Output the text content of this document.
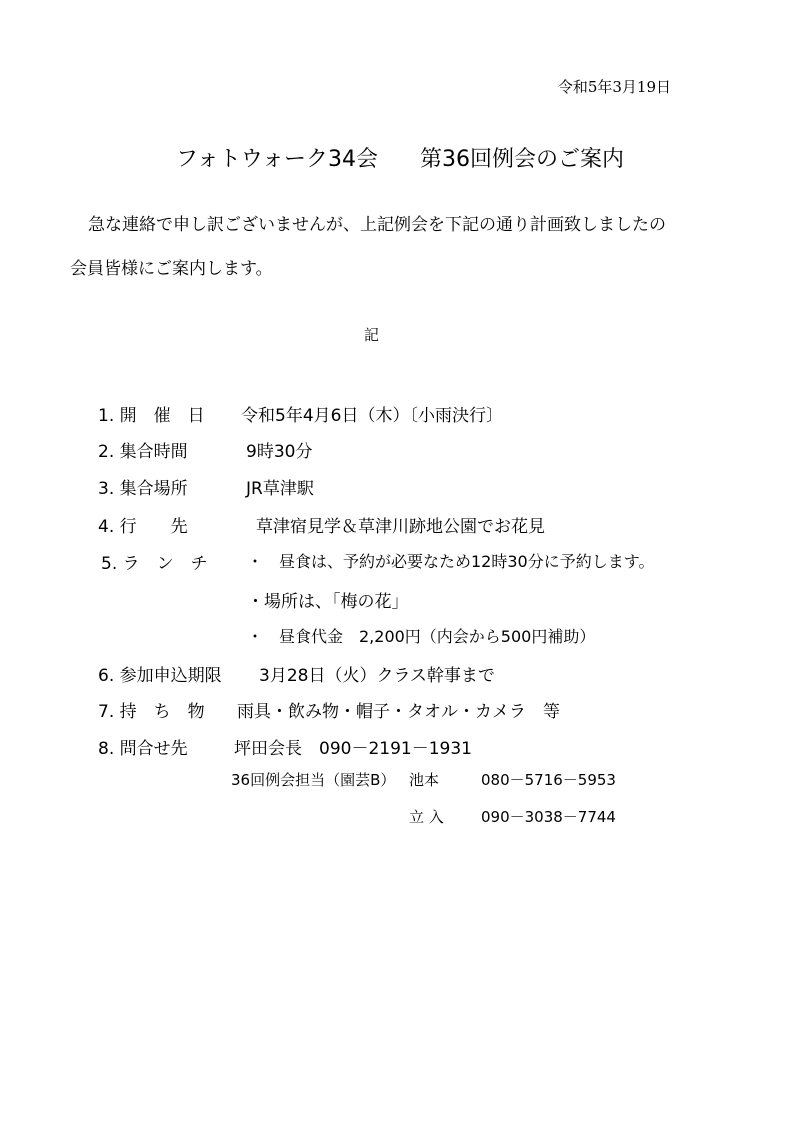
令和5年3月19日
フォトウォーク34会 第36回例会のご案内
急な連絡で申し訳ございませんが、上記例会を下記の通り計画致しましたの
会員皆様にご案内します。
記
1. 開　催　日 令和5年4月6日（木）〔小雨決行〕
2. 集合時間	9時30分
3. 集合場所	JR草津駅
4. 行　　先	草津宿見学＆草津川跡地公園でお花見
5. ラ　ン　チ ・　昼食は、予約が必要なため12時30分に予約します。
・場所は、「梅の花」
・　昼食代金　2,200円（内会から500円補助）
6. 参加申込期限 3月28日（火）クラス幹事まで
7. 持　ち　物 雨具・飲み物・帽子・タオル・カメラ　等
8. 問合せ先	坪田会長　090－2191－1931
36回例会担当（園芸B） 池本	080－5716－5953
立 入 090－3038－7744
